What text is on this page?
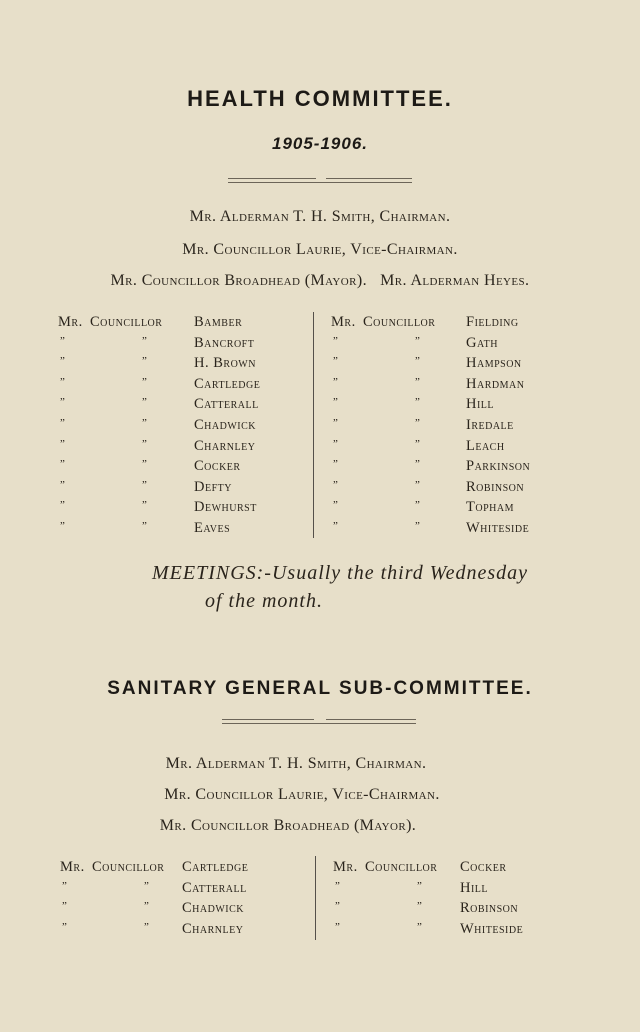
HEALTH COMMITTEE.
1905-1906.
Mr. Alderman T. H. Smith, Chairman.
Mr. Councillor Laurie, Vice-Chairman.
Mr. Councillor Broadhead (Mayor).   Mr. Alderman Heyes.
Mr. Councillor Bamber
”	”	Bancroft
”	”	H. Brown
”	”	Cartledge
”	”	Catterall
”	”	Chadwick
”	”	Charnley
”	”	Cocker
”	”	Defty
”	”	Dewhurst
”	”	Eaves
Mr. Councillor Fielding
”	”	Gath
”	”	Hampson
”	”	Hardman
”	”	Hill
”	”	Iredale
”	”	Leach
”	”	Parkinson
”	”	Robinson
”	”	Topham
”	”	Whiteside
MEETINGS:-Usually the third Wednesday
of the month.
SANITARY GENERAL SUB-COMMITTEE.
Mr. Alderman T. H. Smith, Chairman.
Mr. Councillor Laurie, Vice-Chairman.
Mr. Councillor Broadhead (Mayor).
Mr. Councillor Cartledge
”	” Catterall
”	” Chadwick
”	” Charnley
Mr. Councillor Cocker
”	”	Hill
”	”	Robinson
”	”	Whiteside
